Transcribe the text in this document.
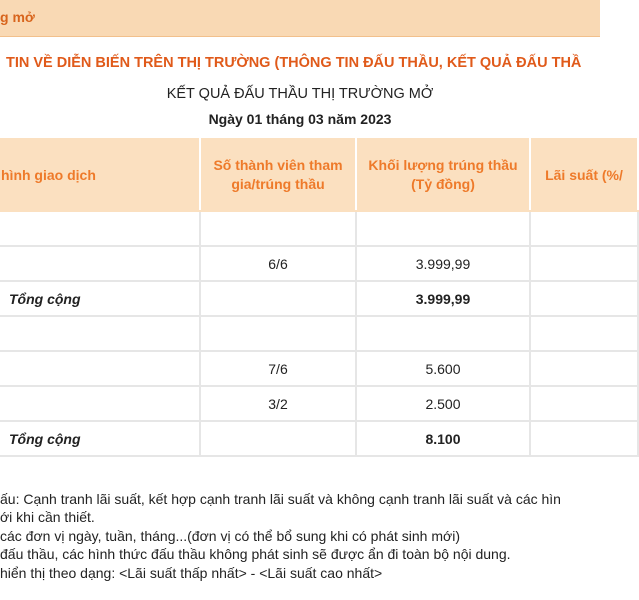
g mở
TIN VỀ DIỄN BIẾN TRÊN THỊ TRƯỜNG (THÔNG TIN ĐẤU THẦU, KẾT QUẢ ĐẤU THẦ
KẾT QUẢ ĐẤU THẦU THỊ TRƯỜNG MỞ
Ngày 01 tháng 03 năm 2023
hình giao dịch	Số thành viên tham gia/trúng thầu	Khối lượng trúng thầu (Tỷ đồng)	Lãi suất (%/

	6/6	3.999,99	
Tổng cộng		3.999,99	

	7/6	5.600	
	3/2	2.500	
Tổng cộng		8.100	
ấu: Cạnh tranh lãi suất, kết hợp cạnh tranh lãi suất và không cạnh tranh lãi suất và các hìn
ới khi cần thiết.
các đơn vị ngày, tuần, tháng...(đơn vị có thể bổ sung khi có phát sinh mới)
đấu thầu, các hình thức đấu thầu không phát sinh sẽ được ẩn đi toàn bộ nội dung.
hiển thị theo dạng: <Lãi suất thấp nhất> - <Lãi suất cao nhất>
